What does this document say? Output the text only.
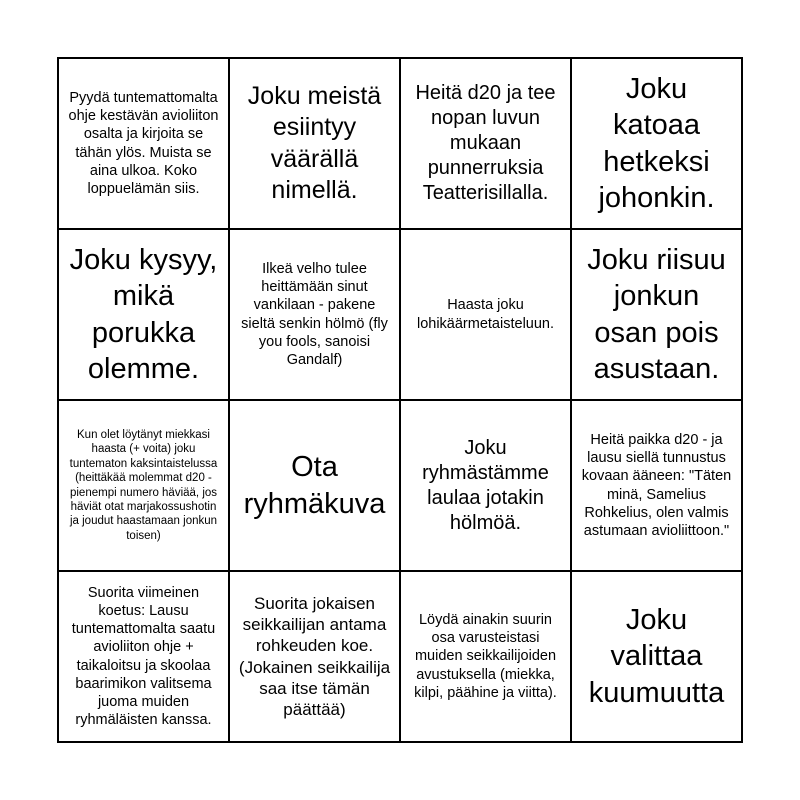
Pyydä tuntemattomalta ohje kestävän avioliiton osalta ja kirjoita se tähän ylös. Muista se aina ulkoa. Koko loppuelämän siis.
Joku meistä esiintyy väärällä nimellä.
Heitä d20 ja tee nopan luvun mukaan punnerruksia Teatterisillalla.
Joku katoaa hetkeksi johonkin.
Joku kysyy, mikä porukka olemme.
Ilkeä velho tulee heittämään sinut vankilaan - pakene sieltä senkin hölmö (fly you fools, sanoisi Gandalf)
Haasta joku lohikäärmetaisteluun.
Joku riisuu jonkun osan pois asustaan.
Kun olet löytänyt miekkasi haasta (+ voita) joku tuntematon kaksintaistelussa (heittäkää molemmat d20 - pienempi numero häviää, jos häviät otat marjakossushotin ja joudut haastamaan jonkun toisen)
Ota ryhmäkuva
Joku ryhmästämme laulaa jotakin hölmöä.
Heitä paikka d20 - ja lausu siellä tunnustus kovaan ääneen: "Täten minä, Samelius Rohkelius, olen valmis astumaan avioliittoon."
Suorita viimeinen koetus: Lausu tuntemattomalta saatu avioliiton ohje + taikaloitsu ja skoolaa baarimikon valitsema juoma muiden ryhmäläisten kanssa.
Suorita jokaisen seikkailijan antama rohkeuden koe. (Jokainen seikkailija saa itse tämän päättää)
Löydä ainakin suurin osa varusteistasi muiden seikkailijoiden avustuksella (miekka, kilpi, päähine ja viitta).
Joku valittaa kuumuutta
